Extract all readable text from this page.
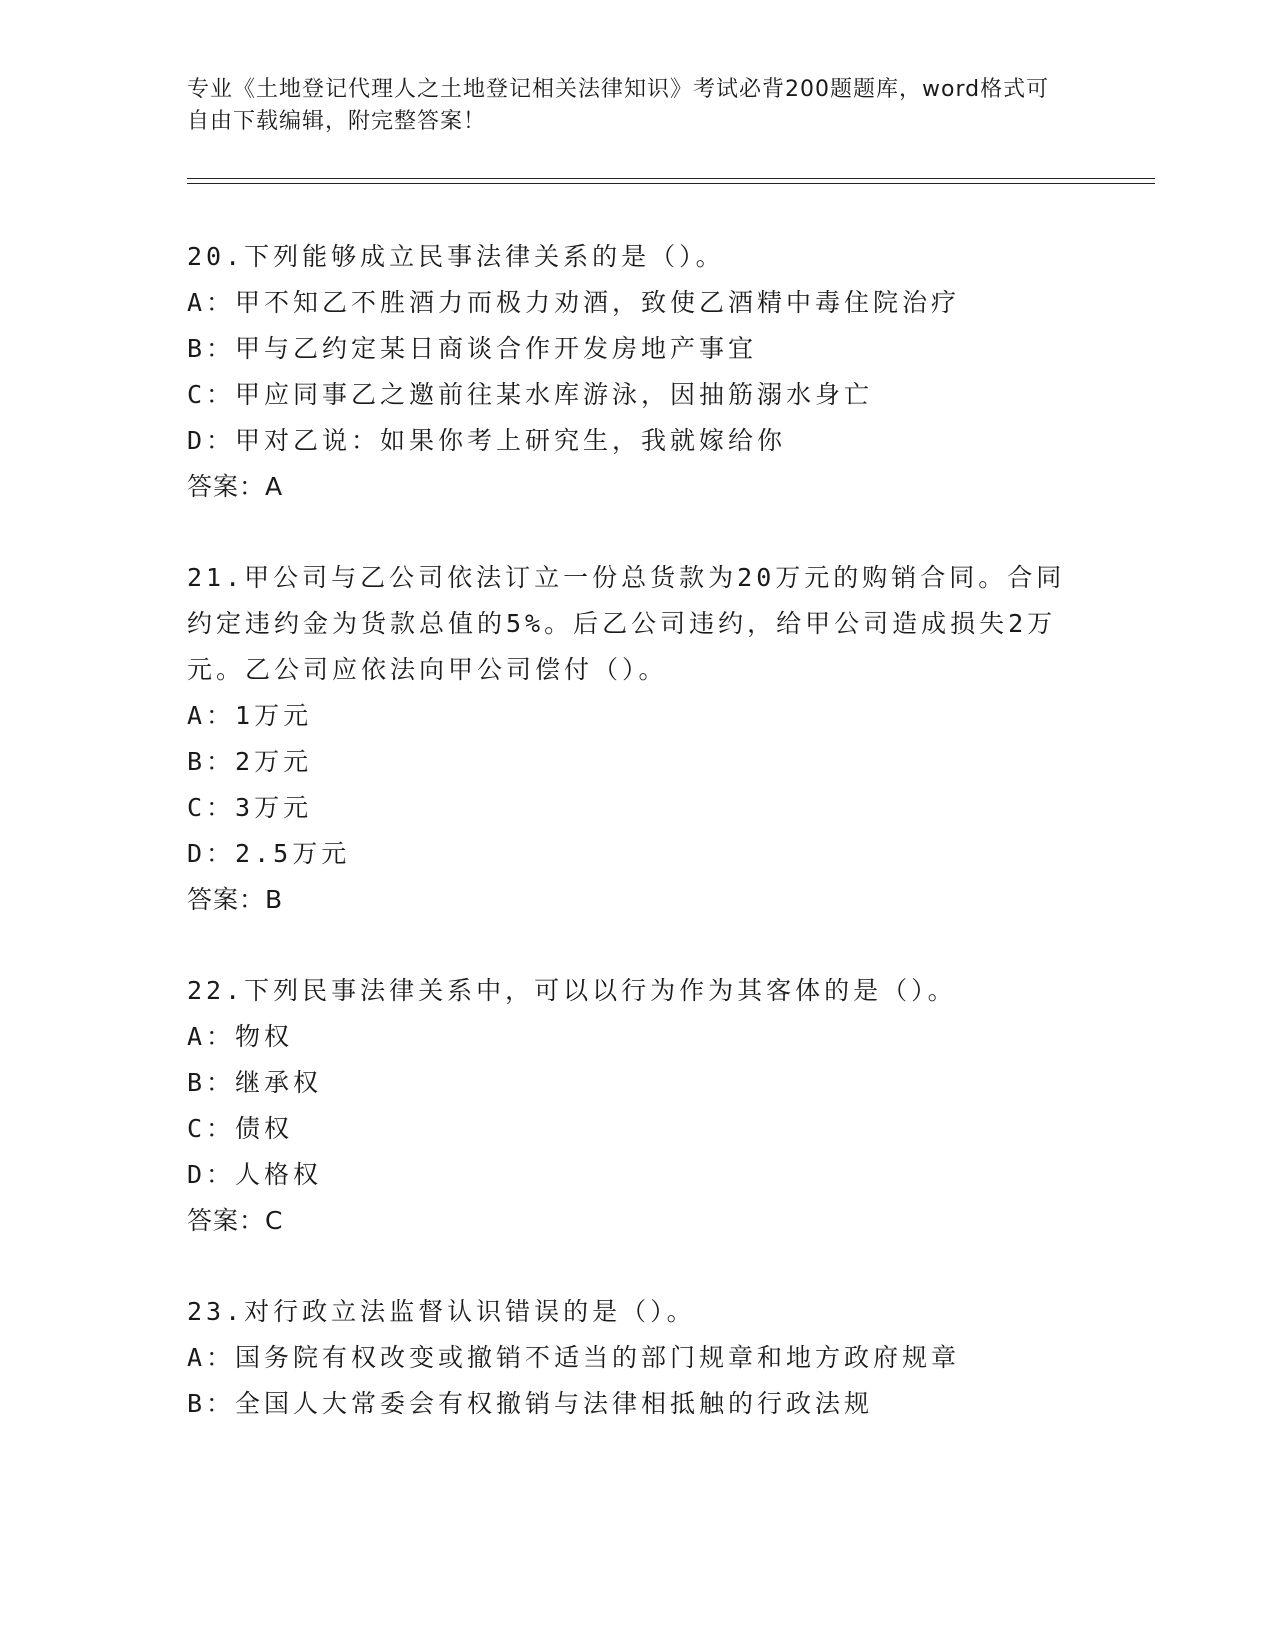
专业《土地登记代理人之土地登记相关法律知识》考试必背200题题库，word格式可自由下载编辑，附完整答案！

20.下列能够成立民事法律关系的是（）。

A：甲不知乙不胜酒力而极力劝酒，致使乙酒精中毒住院治疗

B：甲与乙约定某日商谈合作开发房地产事宜

C：甲应同事乙之邀前往某水库游泳，因抽筋溺水身亡

D：甲对乙说：如果你考上研究生，我就嫁给你

答案：A

21.甲公司与乙公司依法订立一份总货款为20万元的购销合同。合同约定违约金为货款总值的5%。后乙公司违约，给甲公司造成损失2万元。乙公司应依法向甲公司偿付（）。

A：1万元

B：2万元

C：3万元

D：2.5万元

答案：B

22.下列民事法律关系中，可以以行为作为其客体的是（）。

A：物权

B：继承权

C：债权

D：人格权

答案：C

23.对行政立法监督认识错误的是（）。

A：国务院有权改变或撤销不适当的部门规章和地方政府规章

B：全国人大常委会有权撤销与法律相抵触的行政法规
